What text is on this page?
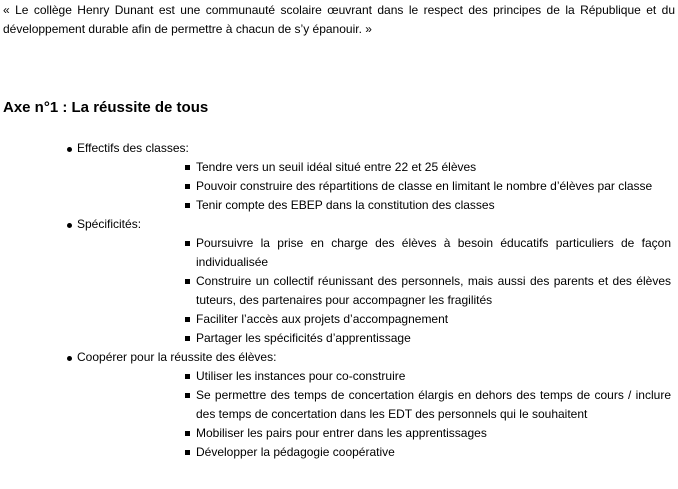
« Le collège Henry Dunant est une communauté scolaire œuvrant dans le respect des principes de la République et du développement durable afin de permettre à chacun de s’y épanouir. »

Axe n°1 : La réussite de tous
Effectifs des classes:
Tendre vers un seuil idéal situé entre 22 et 25 élèves
Pouvoir construire des répartitions de classe en limitant le nombre d’élèves par classe
Tenir compte des EBEP dans la constitution des classes
Spécificités:
Poursuivre la prise en charge des élèves à besoin éducatifs particuliers de façon individualisée
Construire un collectif réunissant des personnels, mais aussi des parents et des élèves tuteurs, des partenaires pour accompagner les fragilités
Faciliter l’accès aux projets d’accompagnement
Partager les spécificités d’apprentissage
Coopérer pour la réussite des élèves:
Utiliser les instances pour co-construire
Se permettre des temps de concertation élargis en dehors des temps de cours / inclure des temps de concertation dans les EDT des personnels qui le souhaitent
Mobiliser les pairs pour entrer dans les apprentissages
Développer la pédagogie coopérative
